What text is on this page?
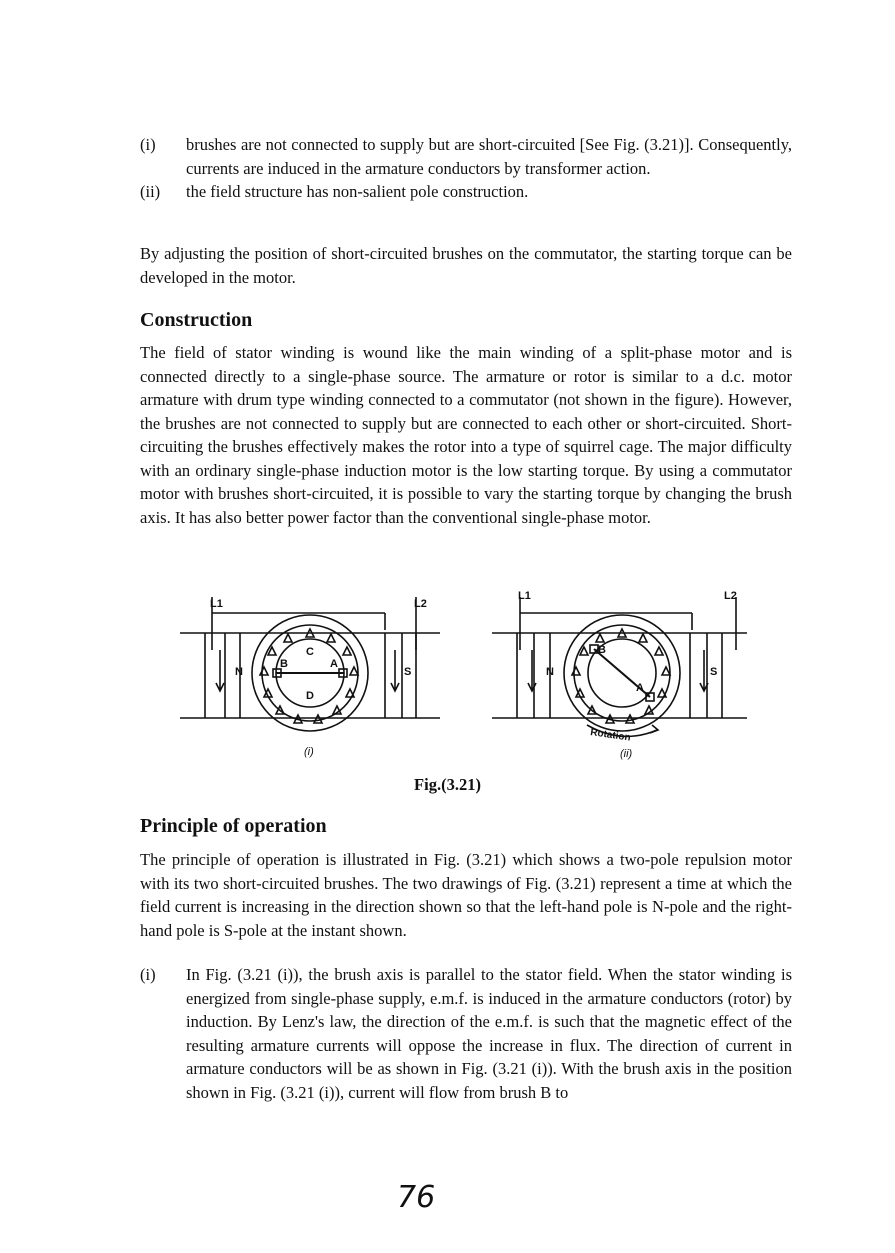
(i) brushes are not connected to supply but are short-circuited [See Fig. (3.21)]. Consequently, currents are induced in the armature conductors by transformer action.
(ii) the field structure has non-salient pole construction.

By adjusting the position of short-circuited brushes on the commutator, the starting torque can be developed in the motor.

Construction

The field of stator winding is wound like the main winding of a split-phase motor and is connected directly to a single-phase source. The armature or rotor is similar to a d.c. motor armature with drum type winding connected to a commutator (not shown in the figure). However, the brushes are not connected to supply but are connected to each other or short-circuited. Short-circuiting the brushes effectively makes the rotor into a type of squirrel cage. The major difficulty with an ordinary single-phase induction motor is the low starting torque. By using a commutator motor with brushes short-circuited, it is possible to vary the starting torque by changing the brush axis. It has also better power factor than the conventional single-phase motor.

L1	L2
N	S
C
D
B	A
(i)
L1	L2
N	S
B
A
Rotation
(ii)
Fig.(3.21)
Principle of operation

The principle of operation is illustrated in Fig. (3.21) which shows a two-pole repulsion motor with its two short-circuited brushes. The two drawings of Fig. (3.21) represent a time at which the field current is increasing in the direction shown so that the left-hand pole is N-pole and the right-hand pole is S-pole at the instant shown.

(i) In Fig. (3.21 (i)), the brush axis is parallel to the stator field. When the stator winding is energized from single-phase supply, e.m.f. is induced in the armature conductors (rotor) by induction. By Lenz's law, the direction of the e.m.f. is such that the magnetic effect of the resulting armature currents will oppose the increase in flux. The direction of current in armature conductors will be as shown in Fig. (3.21 (i)). With the brush axis in the position shown in Fig. (3.21 (i)), current will flow from brush B to
76
